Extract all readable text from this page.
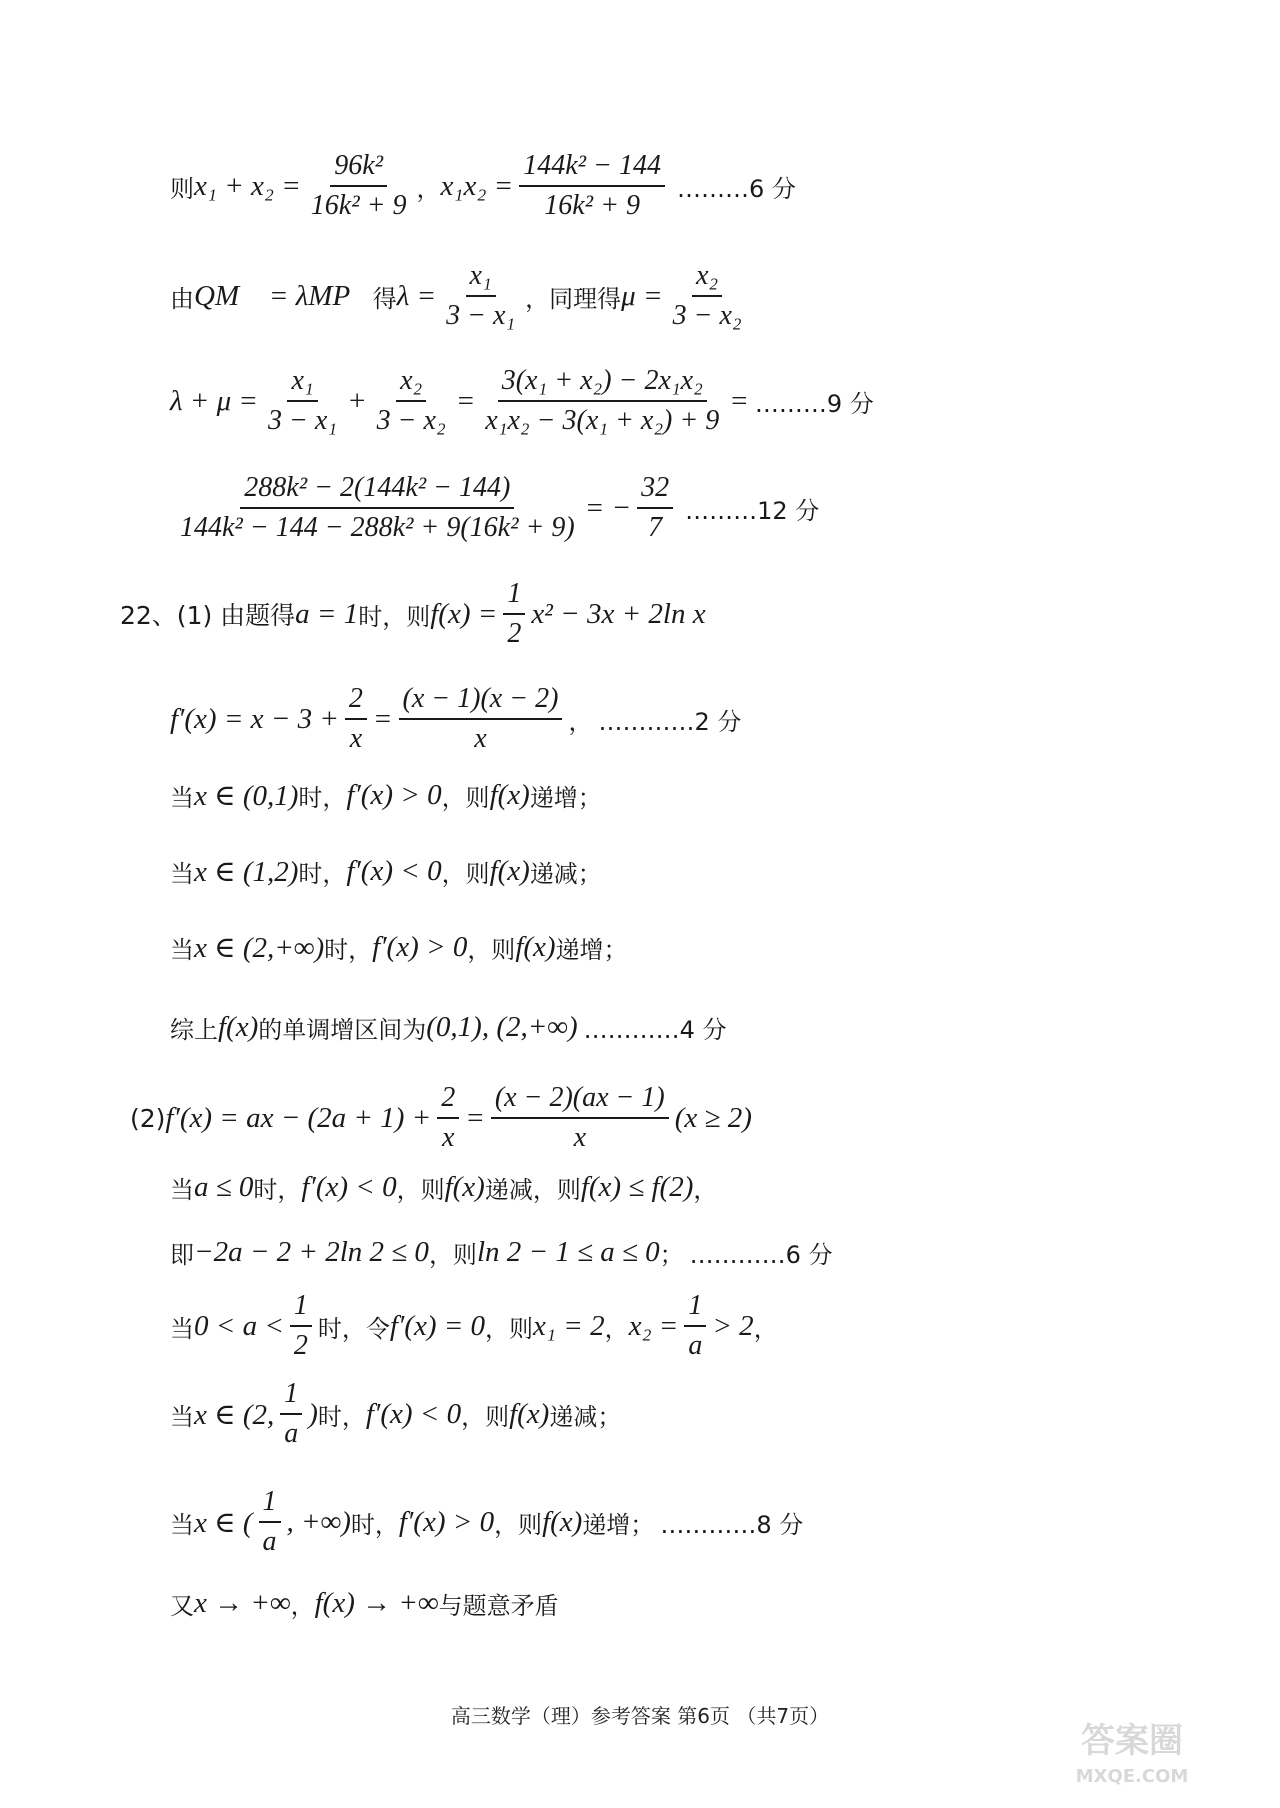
则 $x_1 + x_2 = \frac{\text{96k²}}{\text{16k² + 9}}$ ， $x_1x_2 = \frac{\text{144k² − 144}}{\text{16k² + 9}}$ ………6 分
由 QM⃗ = λMP⃗ 得 $\lambda = \frac{\text{x₁}}{\text{3 − x₁}}$ ，同理得 $\mu = \frac{\text{x₂}}{\text{3 − x₂}}$
$\lambda + \mu = \frac{\text{x₁}}{\text{3 − x₁}} + \frac{\text{x₂}}{\text{3 − x₂}} = \frac{\text{3(x₁ + x₂) − 2x₁x₂}}{\text{x₁x₂ − 3(x₁ + x₂) + 9}}$ = ………9 分
$\frac{\text{288k² − 2(144k² − 144)}}{\text{144k² − 144 − 288k² + 9(16k² + 9)}}$ = − $\frac{32}{7}$ ………12 分
22、(1) 由题得 a = 1 时，则 $f(x) = \frac{1}{2} x^2 - 3x + 2\ln$ x
$f'(x) = x - 3 + \frac{2}{x} = \frac{(x - 1)(x - 2)}{x}$ ， …………2 分
当 x ∈ (0,1) 时， f′(x) > 0 ，则 f(x) 递增；
当 x ∈ (1,2) 时， f′(x) < 0 ，则 f(x) 递减；
当 x ∈ (2,+∞) 时， f′(x) > 0 ，则 f(x) 递增；
综上 f(x) 的单调增区间为 (0,1), (2,+∞) …………4 分
(2) f′(x) = ax − $(2a + 1) + \frac{2}{x} = \frac{(x - 2)(ax - 1)}{x} (x \ge 2)$
当 a ≤ 0 时， f′(x) < 0 ，则 f(x) 递减，则 f(x) ≤ f(2) ，
即 −2a − 2 + 2ln 2 ≤ 0 ，则 ln 2 − 1 ≤ a ≤ 0 ； …………6 分
当 $0 < a < \frac{1}{2}$ 时，令 f′(x) = 0 ，则 x₁ = 2 ， $x_2 = \frac{1}{a} > 2$ ，
当 x ∈ (2, $\frac{1}{a}$ ) 时， f′(x) < 0 ，则 f(x) 递减；
当 x ∈ ( $\frac{1}{a}$ , +∞) 时， f′(x) > 0 ，则 f(x) 递增； …………8 分
又 x → +∞ ， f(x) → +∞ 与题意矛盾
高三数学（理）参考答案 第6页 （共7页）
答案圈
MXQE.COM
